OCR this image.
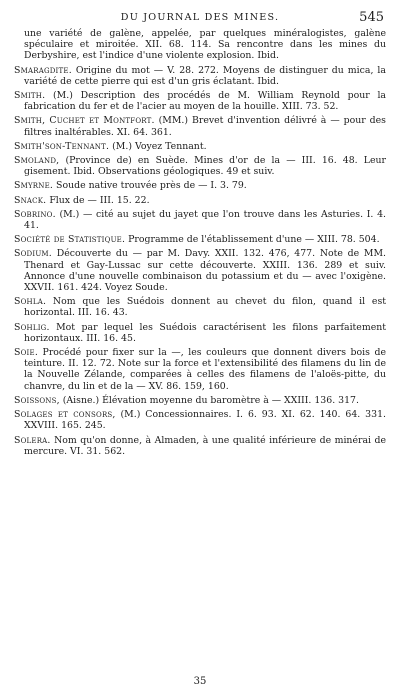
DU JOURNAL DES MINES.	545

une variété de galène, appelée, par quelques minéralogistes, galène spéculaire et miroitée. XII. 68. 114. Sa rencontre dans les mines du Derbyshire, est l'indice d'une violente explosion. Ibid.

Smaragdite. Origine du mot — V. 28. 272. Moyens de distinguer du mica, la variété de cette pierre qui est d'un gris éclatant. Ibid.

Smith. (M.) Description des procédés de M. William Reynold pour la fabrication du fer et de l'acier au moyen de la houille. XIII. 73. 52.

Smith, Cuchet et Montfort. (MM.) Brevet d'invention délivré à — pour des filtres inaltérables. XI. 64. 361.

Smith'son-Tennant. (M.) Voyez Tennant.

Smoland, (Province de) en Suède. Mines d'or de la — III. 16. 48. Leur gisement. Ibid. Observations géologiques. 49 et suiv.

Smyrne. Soude native trouvée près de — I. 3. 79.

Snack. Flux de — III. 15. 22.

Sobrino. (M.) — cité au sujet du jayet que l'on trouve dans les Asturies. I. 4. 41.

Société de Statistique. Programme de l'établissement d'une — XIII. 78. 504.

Sodium. Découverte du — par M. Davy. XXII. 132. 476, 477. Note de MM. Thenard et Gay-Lussac sur cette découverte. XXIII. 136. 289 et suiv. Annonce d'une nouvelle combinaison du potassium et du — avec l'oxigène. XXVII. 161. 424. Voyez Soude.

Sohla. Nom que les Suédois donnent au chevet du filon, quand il est horizontal. III. 16. 43.

Sohlig. Mot par lequel les Suédois caractérisent les filons parfaitement horizontaux. III. 16. 45.

Soie. Procédé pour fixer sur la —, les couleurs que donnent divers bois de teinture. II. 12. 72. Note sur la force et l'extensibilité des filamens du lin de la Nouvelle Zélande, comparées à celles des filamens de l'aloës-pitte, du chanvre, du lin et de la — XV. 86. 159, 160.

Soissons, (Aisne.) Élévation moyenne du baromètre à — XXIII. 136. 317.

Solages et consors, (M.) Concessionnaires. I. 6. 93. XI. 62. 140. 64. 331. XXVIII. 165. 245.

Solera. Nom qu'on donne, à Almaden, à une qualité inférieure de minérai de mercure. VI. 31. 562.

35
